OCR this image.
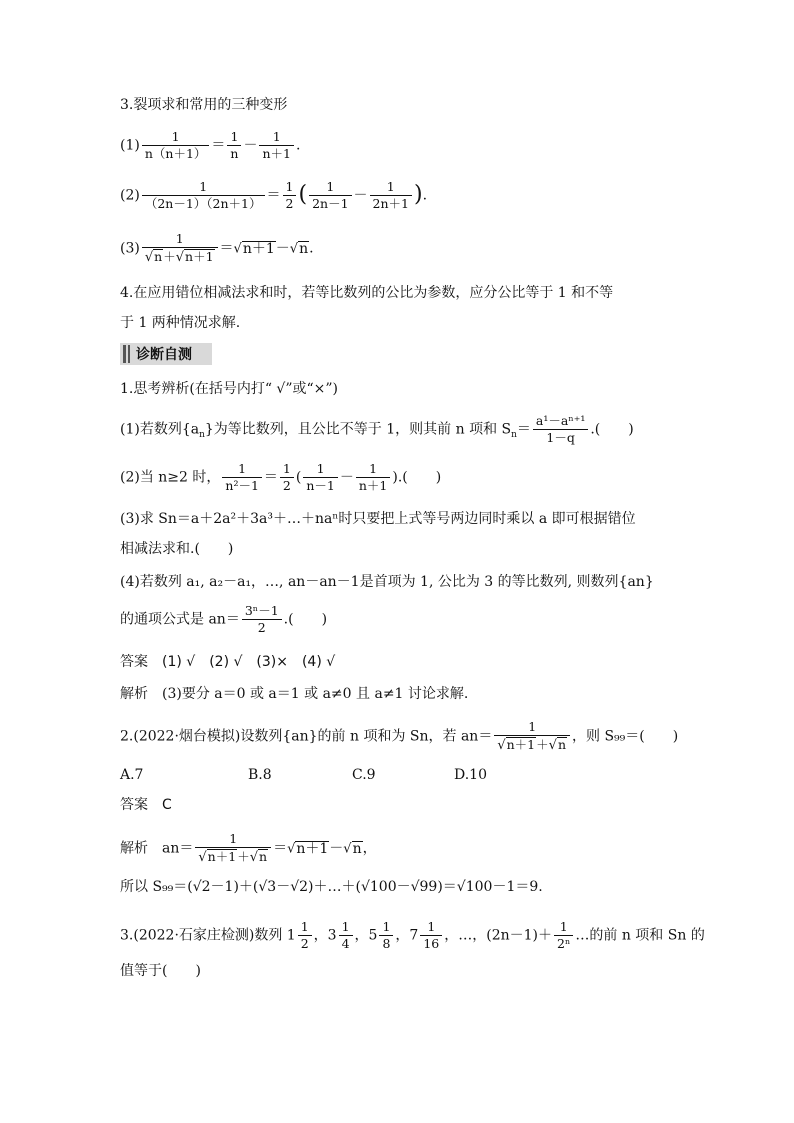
3.裂项求和常用的三种变形
$(1) \frac{1}{n(n+1)} = \frac{1}{n} - \frac{1}{n+1}$ .
$(2) \frac{1}{(2n-1)(2n+1)} = \frac{1}{2}$ ( $\frac{1}{2n-1} - \frac{1}{2n+1}$ ).
$(3) \frac{1}{√n+√n+1} =√n+1-√n$.
4.在应用错位相减法求和时，若等比数列的公比为参数，应分公比等于 1 和不等
于 1 两种情况求解.
诊断自测
1.思考辨析(在括号内打“ √”或“×”)
(1)若数列$\{a_n\}$为等比数列，且公比不等于 1，则其前 n 项和 $S_n= \frac{\text{a¹－aⁿ⁺¹}}{1-q}$ .(　　)
(2)当 n≥2 时， $\frac{1}{\text{n²－1}} = \frac{1}{2}$ ( $\frac{1}{n-1} - \frac{1}{n+1}$ ).(　　)
(3)求 Sn＝a＋2a²＋3a³＋…＋naⁿ时只要把上式等号两边同时乘以 a 即可根据错位
相减法求和.(　　)
(4)若数列 a₁, a₂－a₁，…, an－an－1是首项为 1, 公比为 3 的等比数列, 则数列{an}
的通项公式是 $an= \frac{\text{3ⁿ－1}}{2}$ .(　　)
答案 (1) √　(2) √　(3)×　(4) √
解析 (3)要分 a＝0 或 a＝1 或 a≠0 且 a≠1 讨论求解.
2.(2022·烟台模拟)设数列{an}的前 n 项和为 Sn，若 $an= \frac{1}{√n+1+√n}$ ，则 S₉₉＝(　　)
A.7	B.8	C.9	D.10
答案 C
解析 $an= \frac{1}{√n+1+√n} =√n+1-√n$，
所以 S₉₉＝(√2－1)＋(√3－√2)＋…＋(√100－√99)＝√100－1＝9.
3.(2022·石家庄检测)数列 $1 \frac{1}{2}$ ，$3 \frac{1}{4}$ ，$5 \frac{1}{8}$ ，$7 \frac{1}{16}$ ，…，$(2n-1)+ \frac{1}{\text{2ⁿ}}$ …的前 n 项和 Sn 的
值等于(　　)
